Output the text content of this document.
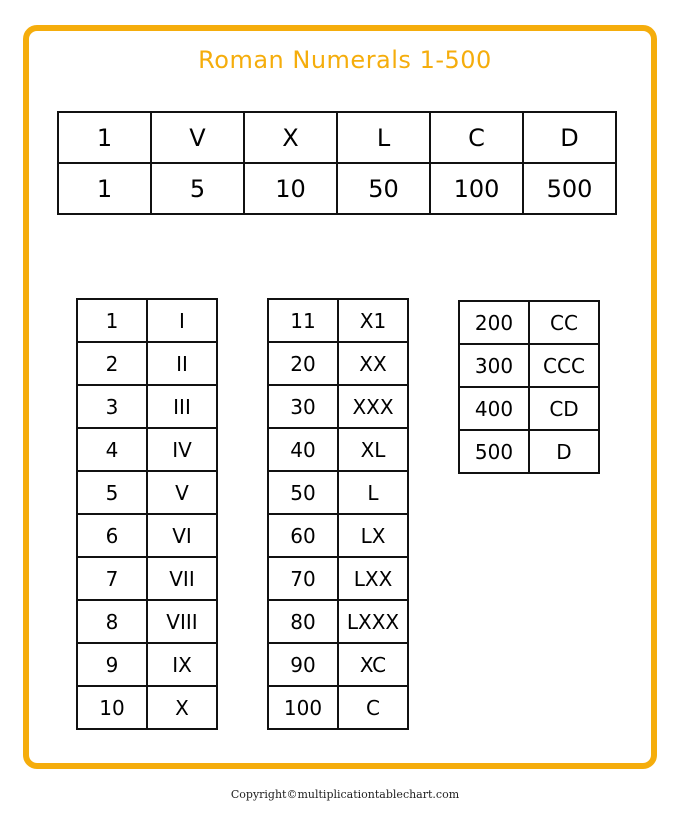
Roman Numerals 1-500
1	V	X	L	C	D
1	5	10	50	100	500
1	I
2	II
3	III
4	IV
5	V
6	VI
7	VII
8	VIII
9	IX
10	X
11	X1
20	XX
30	XXX
40	XL
50	L
60	LX
70	LXX
80	LXXX
90	XC
100	C
200	CC
300	CCC
400	CD
500	D
Copyright©multiplicationtablechart.com
